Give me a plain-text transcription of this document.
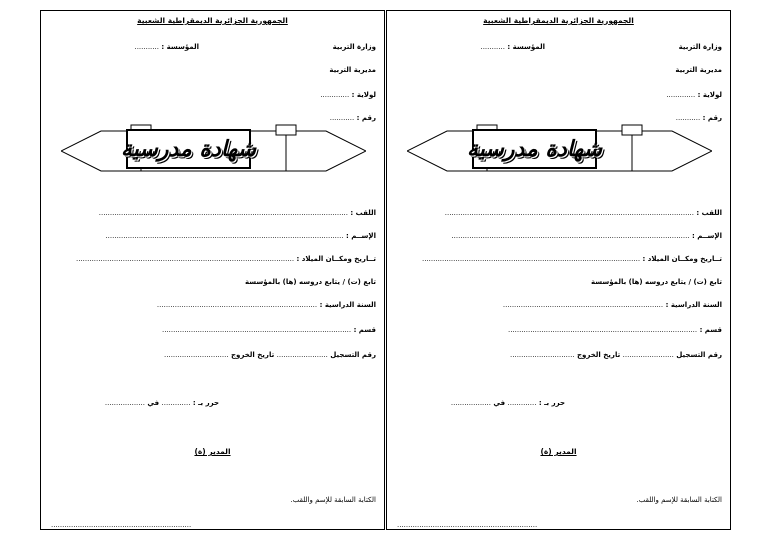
الجمهورية الجزائرية الديمقراطية الشعبية
وزارة التربية
المؤسسة : ...........
مديرية التربية
لولاية : .............
رقم : ...........
شهادة مدرسية
اللقب : ................................................................................................................
الإســم : ...........................................................................................................
تــاريخ ومكــان الميلاد : ..................................................................................................
تابع (ت) / يتابع دروسه (ها) بالمؤسسة
السنة الدراسية : ........................................................................
قسم : .....................................................................................
رقم التسجيل ....................... تاريخ الخروج .............................
حرر بـ : ............. في ..................
المدير (ة)
الكتابة السابقة للإسم واللقب.
...............................................................
الجمهورية الجزائرية الديمقراطية الشعبية
وزارة التربية
المؤسسة : ...........
مديرية التربية
لولاية : .............
رقم : ...........
شهادة مدرسية
اللقب : ................................................................................................................
الإســم : ...........................................................................................................
تــاريخ ومكــان الميلاد : ..................................................................................................
تابع (ت) / يتابع دروسه (ها) بالمؤسسة
السنة الدراسية : ........................................................................
قسم : .....................................................................................
رقم التسجيل ....................... تاريخ الخروج .............................
حرر بـ : ............. في ..................
المدير (ة)
الكتابة السابقة للإسم واللقب.
...............................................................
